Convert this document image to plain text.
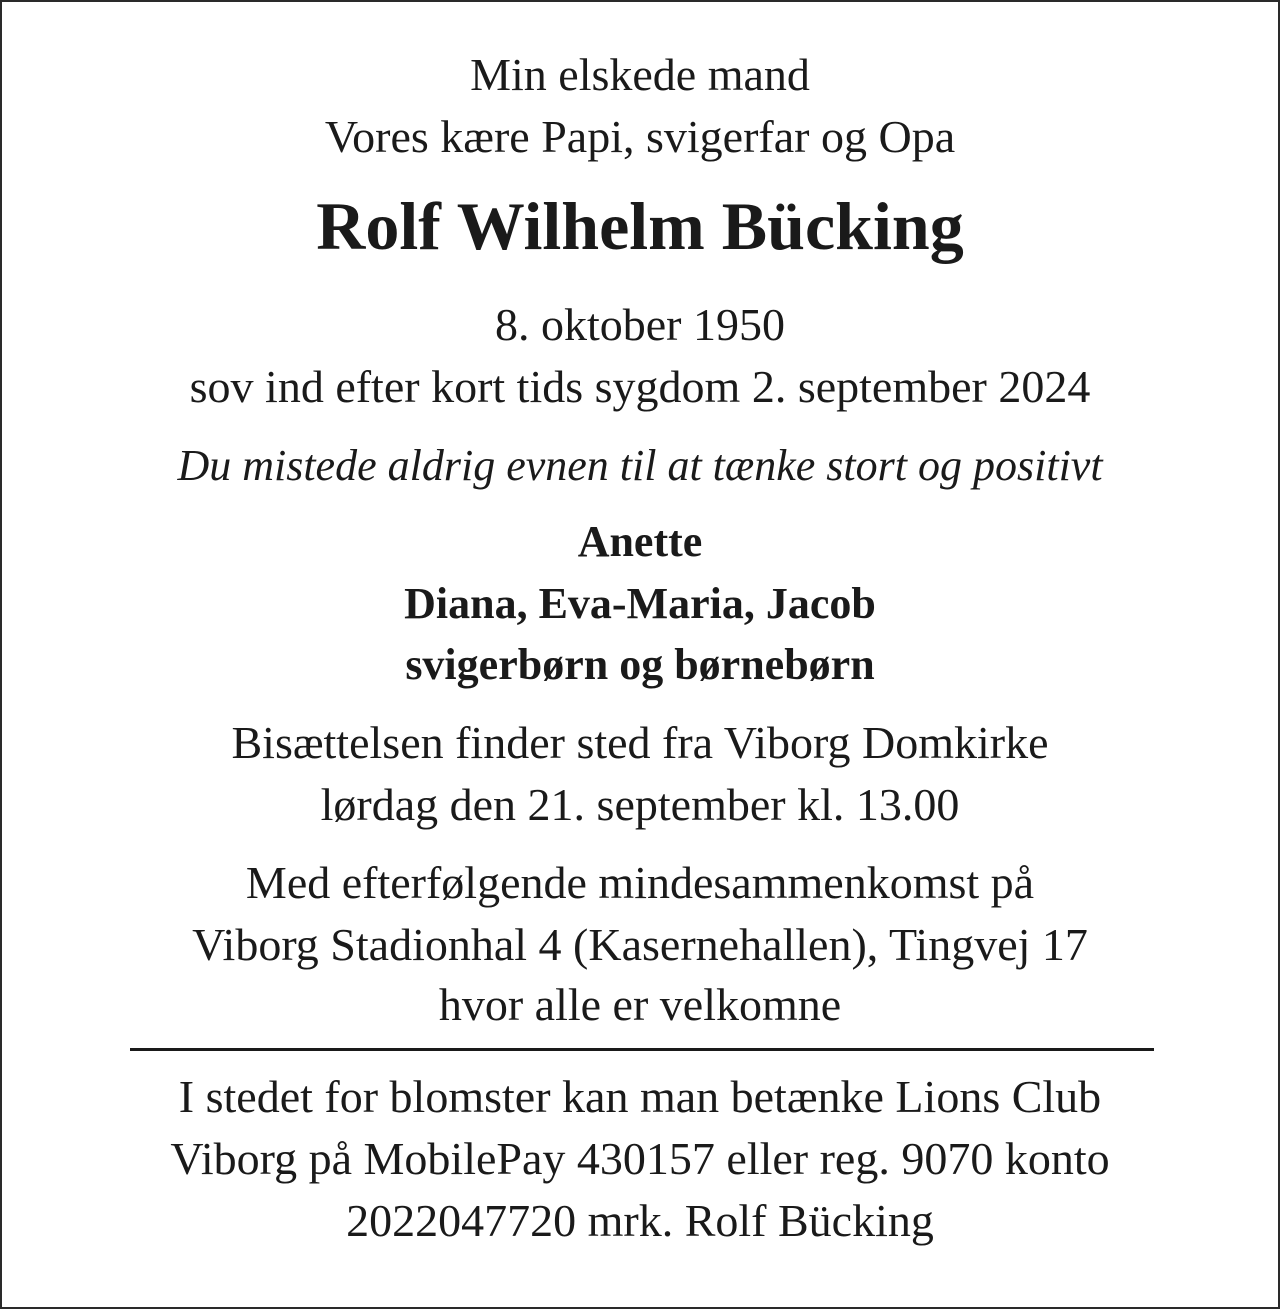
Min elskede mand
Vores kære Papi, svigerfar og Opa
Rolf Wilhelm Bücking
8. oktober 1950
sov ind efter kort tids sygdom 2. september 2024
Du mistede aldrig evnen til at tænke stort og positivt
Anette
Diana, Eva-Maria, Jacob
svigerbørn og børnebørn
Bisættelsen finder sted fra Viborg Domkirke
lørdag den 21. september kl. 13.00
Med efterfølgende mindesammenkomst på
Viborg Stadionhal 4 (Kasernehallen), Tingvej 17
hvor alle er velkomne
I stedet for blomster kan man betænke Lions Club
Viborg på MobilePay 430157 eller reg. 9070 konto
2022047720 mrk. Rolf Bücking
